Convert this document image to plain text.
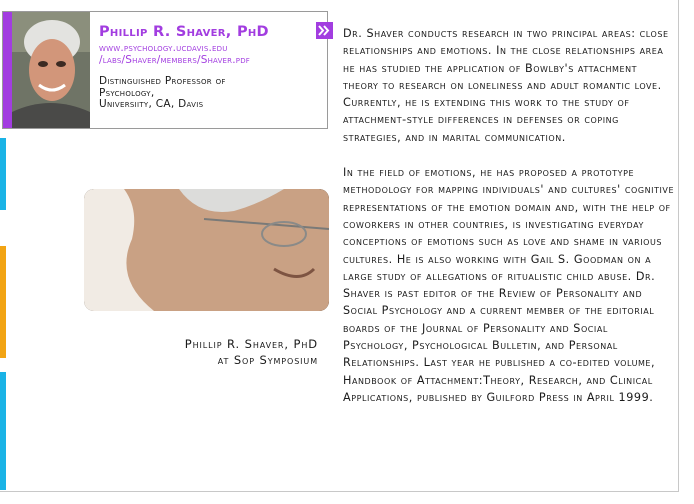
Phillip R. Shaver, PhD
www.psychology.ucdavis.edu
/labs/Shaver/members/Shaver.pdf
Distinguished Professor of
Psychology,
Universiity, CA, Davis
Phillip R. Shaver, PhD
at Sop Symposium

Dr. Shaver conducts research in two principal areas: close relationships and emotions. In the close relationships area he has studied the application of Bowlby's attachment theory to research on loneliness and adult romantic love. Currently, he is extending this work to the study of attachment-style differences in defenses or coping strategies, and in marital communication.

In the field of emotions, he has proposed a prototype methodology for mapping individuals' and cultures' cognitive representations of the emotion domain and, with the help of coworkers in other countries, is investigating everyday conceptions of emotions such as love and shame in various cultures. He is also working with Gail S. Goodman on a large study of allegations of ritualistic child abuse. Dr. Shaver is past editor of the Review of Personality and Social Psychology and a current member of the editorial boards of the Journal of Personality and Social Psychology, Psychological Bulletin, and Personal Relationships. Last year he published a co-edited volume, Handbook of Attachment:Theory, Research, and Clinical Applications, published by Guilford Press in April 1999.
